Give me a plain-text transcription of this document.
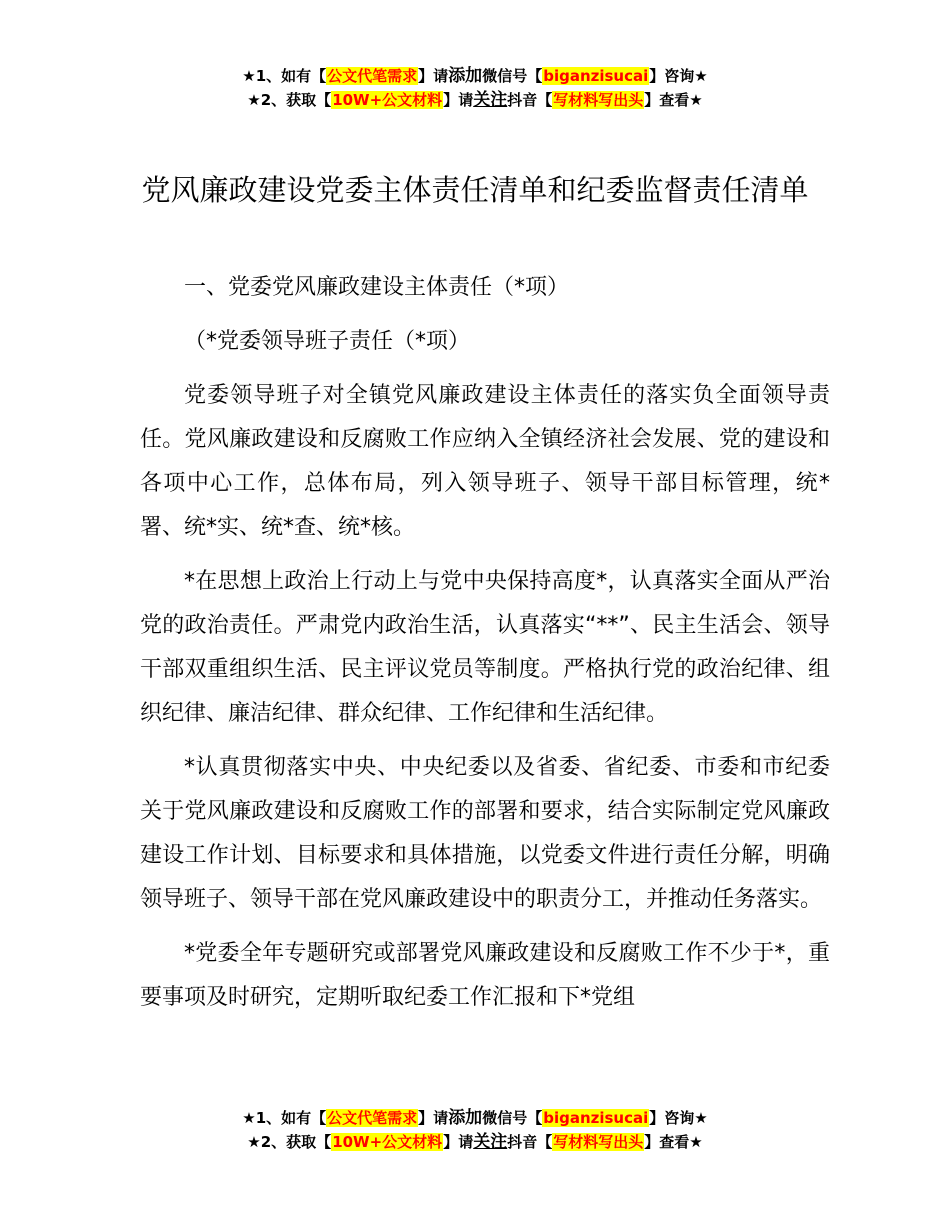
★1、如有【公文代笔需求】请添加微信号【biganzisucai】咨询★
★2、获取【10W+公文材料】请关注抖音【写材料写出头】查看★
党风廉政建设党委主体责任清单和纪委监督责任清单

一、党委党风廉政建设主体责任（*项）

（*党委领导班子责任（*项）

党委领导班子对全镇党风廉政建设主体责任的落实负全面领导责任。党风廉政建设和反腐败工作应纳入全镇经济社会发展、党的建设和各项中心工作，总体布局，列入领导班子、领导干部目标管理，统*署、统*实、统*查、统*核。

*在思想上政治上行动上与党中央保持高度*，认真落实全面从严治党的政治责任。严肃党内政治生活，认真落实“**”、民主生活会、领导干部双重组织生活、民主评议党员等制度。严格执行党的政治纪律、组织纪律、廉洁纪律、群众纪律、工作纪律和生活纪律。

*认真贯彻落实中央、中央纪委以及省委、省纪委、市委和市纪委关于党风廉政建设和反腐败工作的部署和要求，结合实际制定党风廉政建设工作计划、目标要求和具体措施，以党委文件进行责任分解，明确领导班子、领导干部在党风廉政建设中的职责分工，并推动任务落实。

*党委全年专题研究或部署党风廉政建设和反腐败工作不少于*，重要事项及时研究，定期听取纪委工作汇报和下*党组

★1、如有【公文代笔需求】请添加微信号【biganzisucai】咨询★
★2、获取【10W+公文材料】请关注抖音【写材料写出头】查看★
